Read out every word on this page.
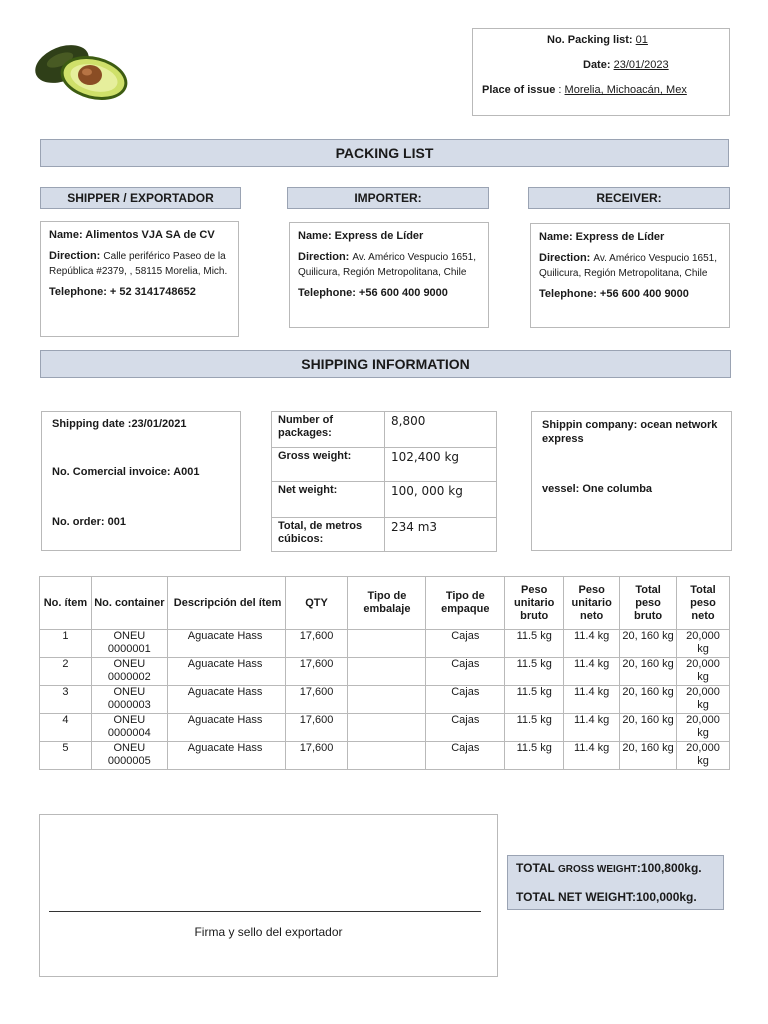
No. Packing list: 01
Date: 23/01/2023
Place of issue : Morelia, Michoacán, Mex
PACKING LIST
SHIPPER / EXPORTADOR	IMPORTER:	RECEIVER:

Name: Alimentos VJA SA de CV

Direction: Calle periférico Paseo de la República #2379, , 58115 Morelia, Mich.

Telephone: + 52 3141748652

Name: Express de Líder

Direction: Av. Américo Vespucio 1651, Quilicura, Región Metropolitana, Chile

Telephone: +56 600 400 9000

Name: Express de Líder

Direction: Av. Américo Vespucio 1651, Quilicura, Región Metropolitana, Chile

Telephone: +56 600 400 9000

SHIPPING INFORMATION
Shipping date :23/01/2021
No. Comercial invoice: A001
No. order: 001
Number of packages:	8,800
Gross weight:	102,400 kg
Net weight:	100, 000 kg
Total, de metros cúbicos:	234 m3
Shippin company: ocean network express
vessel: One columba
No. ítem	No. container	Descripción del ítem	QTY	Tipo de embalaje	Tipo de empaque	Peso unitario bruto	Peso unitario neto	Total peso bruto	Total peso neto
1	ONEU 0000001	Aguacate Hass	17,600		Cajas	11.5 kg	11.4 kg	20, 160 kg	20,000 kg
2	ONEU 0000002	Aguacate Hass	17,600		Cajas	11.5 kg	11.4 kg	20, 160 kg	20,000 kg
3	ONEU 0000003	Aguacate Hass	17,600		Cajas	11.5 kg	11.4 kg	20, 160 kg	20,000 kg
4	ONEU 0000004	Aguacate Hass	17,600		Cajas	11.5 kg	11.4 kg	20, 160 kg	20,000 kg
5	ONEU 0000005	Aguacate Hass	17,600		Cajas	11.5 kg	11.4 kg	20, 160 kg	20,000 kg
Firma y sello del exportador
TOTAL GROSS WEIGHT:100,800kg.
TOTAL NET WEIGHT:100,000kg.
